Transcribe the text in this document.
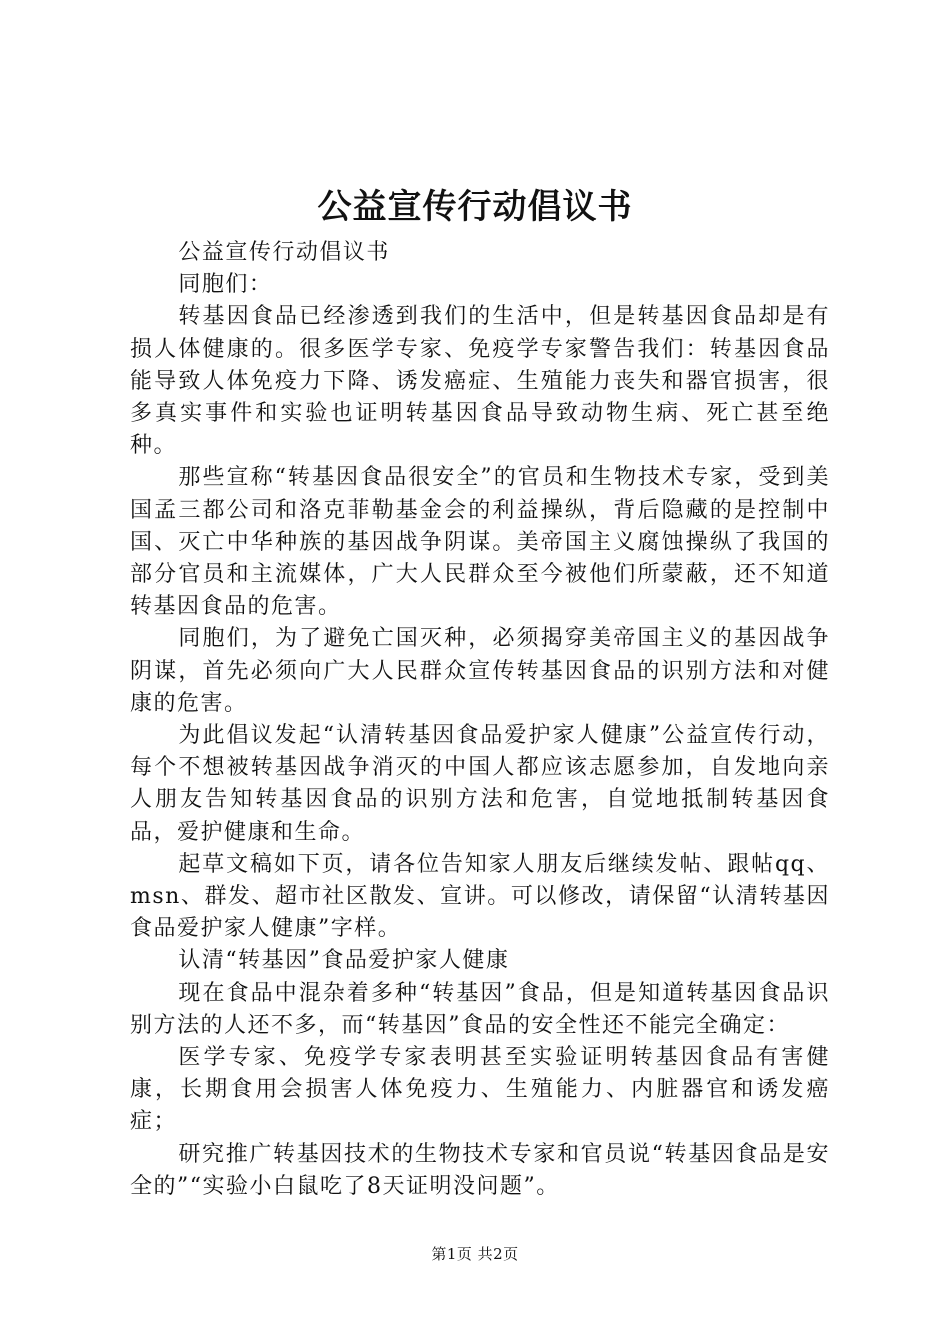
公益宣传行动倡议书

公益宣传行动倡议书

同胞们：

转基因食品已经渗透到我们的生活中，但是转基因食品却是有损人体健康的。很多医学专家、免疫学专家警告我们：转基因食品能导致人体免疫力下降、诱发癌症、生殖能力丧失和器官损害，很多真实事件和实验也证明转基因食品导致动物生病、死亡甚至绝种。

那些宣称“转基因食品很安全”的官员和生物技术专家，受到美国孟三都公司和洛克菲勒基金会的利益操纵，背后隐藏的是控制中国、灭亡中华种族的基因战争阴谋。美帝国主义腐蚀操纵了我国的部分官员和主流媒体，广大人民群众至今被他们所蒙蔽，还不知道转基因食品的危害。

同胞们，为了避免亡国灭种，必须揭穿美帝国主义的基因战争阴谋，首先必须向广大人民群众宣传转基因食品的识别方法和对健康的危害。

为此倡议发起“认清转基因食品爱护家人健康”公益宣传行动，每个不想被转基因战争消灭的中国人都应该志愿参加，自发地向亲人朋友告知转基因食品的识别方法和危害，自觉地抵制转基因食品，爱护健康和生命。

起草文稿如下页，请各位告知家人朋友后继续发帖、跟帖qq、msn、群发、超市社区散发、宣讲。可以修改，请保留“认清转基因食品爱护家人健康”字样。

认清“转基因”食品爱护家人健康

现在食品中混杂着多种“转基因”食品，但是知道转基因食品识别方法的人还不多，而“转基因”食品的安全性还不能完全确定：

医学专家、免疫学专家表明甚至实验证明转基因食品有害健康，长期食用会损害人体免疫力、生殖能力、内脏器官和诱发癌症；

研究推广转基因技术的生物技术专家和官员说“转基因食品是安全的”“实验小白鼠吃了8天证明没问题”。

第1页 共2页
